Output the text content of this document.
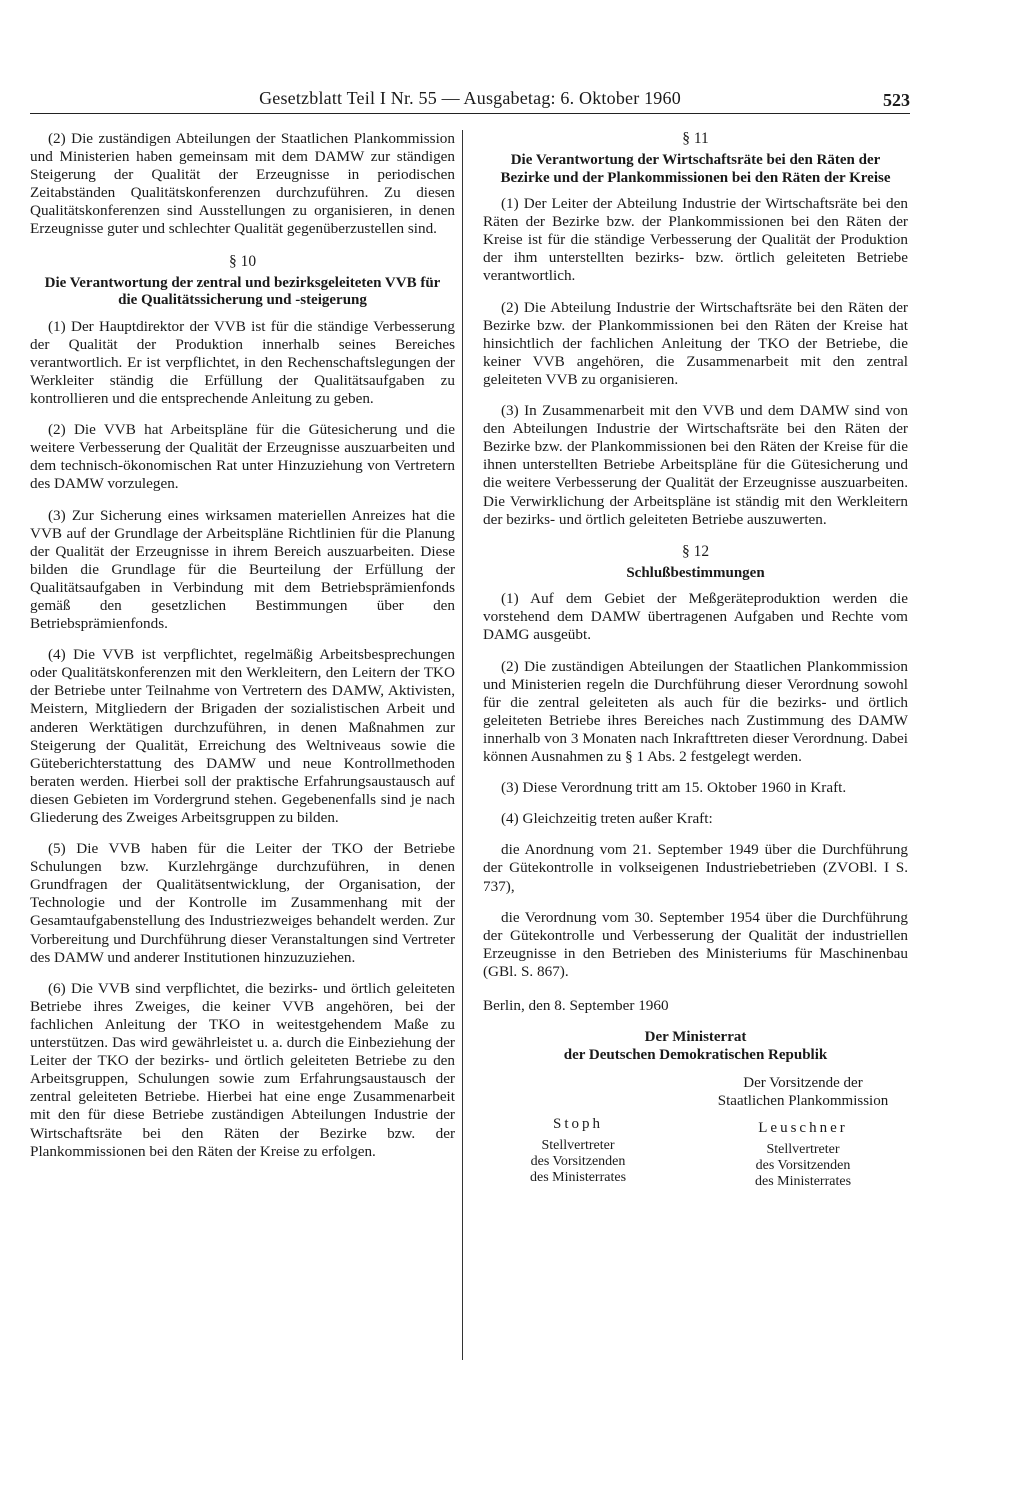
Gesetzblatt Teil I Nr. 55 — Ausgabetag: 6. Oktober 1960	523

(2) Die zuständigen Abteilungen der Staatlichen Plankommission und Ministerien haben gemeinsam mit dem DAMW zur ständigen Steigerung der Qualität der Erzeugnisse in periodischen Zeitabständen Qualitätskonferenzen durchzuführen. Zu diesen Qualitätskonferenzen sind Ausstellungen zu organisieren, in denen Erzeugnisse guter und schlechter Qualität gegenüberzustellen sind.

§ 10
Die Verantwortung der zentral und bezirksgeleiteten VVB für die Qualitätssicherung und -steigerung

(1) Der Hauptdirektor der VVB ist für die ständige Verbesserung der Qualität der Produktion innerhalb seines Bereiches verantwortlich. Er ist verpflichtet, in den Rechenschaftslegungen der Werkleiter ständig die Erfüllung der Qualitätsaufgaben zu kontrollieren und die entsprechende Anleitung zu geben.

(2) Die VVB hat Arbeitspläne für die Gütesicherung und die weitere Verbesserung der Qualität der Erzeugnisse auszuarbeiten und dem technisch-ökonomischen Rat unter Hinzuziehung von Vertretern des DAMW vorzulegen.

(3) Zur Sicherung eines wirksamen materiellen Anreizes hat die VVB auf der Grundlage der Arbeitspläne Richtlinien für die Planung der Qualität der Erzeugnisse in ihrem Bereich auszuarbeiten. Diese bilden die Grundlage für die Beurteilung der Erfüllung der Qualitätsaufgaben in Verbindung mit dem Betriebsprämienfonds gemäß den gesetzlichen Bestimmungen über den Betriebsprämienfonds.

(4) Die VVB ist verpflichtet, regelmäßig Arbeitsbesprechungen oder Qualitätskonferenzen mit den Werkleitern, den Leitern der TKO der Betriebe unter Teilnahme von Vertretern des DAMW, Aktivisten, Meistern, Mitgliedern der Brigaden der sozialistischen Arbeit und anderen Werktätigen durchzuführen, in denen Maßnahmen zur Steigerung der Qualität, Erreichung des Weltniveaus sowie die Güteberichterstattung des DAMW und neue Kontrollmethoden beraten werden. Hierbei soll der praktische Erfahrungsaustausch auf diesen Gebieten im Vordergrund stehen. Gegebenenfalls sind je nach Gliederung des Zweiges Arbeitsgruppen zu bilden.

(5) Die VVB haben für die Leiter der TKO der Betriebe Schulungen bzw. Kurzlehrgänge durchzuführen, in denen Grundfragen der Qualitätsentwicklung, der Organisation, der Technologie und der Kontrolle im Zusammenhang mit der Gesamtaufgabenstellung des Industriezweiges behandelt werden. Zur Vorbereitung und Durchführung dieser Veranstaltungen sind Vertreter des DAMW und anderer Institutionen hinzuzuziehen.

(6) Die VVB sind verpflichtet, die bezirks- und örtlich geleiteten Betriebe ihres Zweiges, die keiner VVB angehören, bei der fachlichen Anleitung der TKO in weitestgehendem Maße zu unterstützen. Das wird gewährleistet u. a. durch die Einbeziehung der Leiter der TKO der bezirks- und örtlich geleiteten Betriebe zu den Arbeitsgruppen, Schulungen sowie zum Erfahrungsaustausch der zentral geleiteten Betriebe. Hierbei hat eine enge Zusammenarbeit mit den für diese Betriebe zuständigen Abteilungen Industrie der Wirtschaftsräte bei den Räten der Bezirke bzw. der Plankommissionen bei den Räten der Kreise zu erfolgen.

§ 11
Die Verantwortung der Wirtschaftsräte bei den Räten der Bezirke und der Plankommissionen bei den Räten der Kreise

(1) Der Leiter der Abteilung Industrie der Wirtschaftsräte bei den Räten der Bezirke bzw. der Plankommissionen bei den Räten der Kreise ist für die ständige Verbesserung der Qualität der Produktion der ihm unterstellten bezirks- bzw. örtlich geleiteten Betriebe verantwortlich.

(2) Die Abteilung Industrie der Wirtschaftsräte bei den Räten der Bezirke bzw. der Plankommissionen bei den Räten der Kreise hat hinsichtlich der fachlichen Anleitung der TKO der Betriebe, die keiner VVB angehören, die Zusammenarbeit mit den zentral geleiteten VVB zu organisieren.

(3) In Zusammenarbeit mit den VVB und dem DAMW sind von den Abteilungen Industrie der Wirtschaftsräte bei den Räten der Bezirke bzw. der Plankommissionen bei den Räten der Kreise für die ihnen unterstellten Betriebe Arbeitspläne für die Gütesicherung und die weitere Verbesserung der Qualität der Erzeugnisse auszuarbeiten. Die Verwirklichung der Arbeitspläne ist ständig mit den Werkleitern der bezirks- und örtlich geleiteten Betriebe auszuwerten.

§ 12
Schlußbestimmungen

(1) Auf dem Gebiet der Meßgeräteproduktion werden die vorstehend dem DAMW übertragenen Aufgaben und Rechte vom DAMG ausgeübt.

(2) Die zuständigen Abteilungen der Staatlichen Plankommission und Ministerien regeln die Durchführung dieser Verordnung sowohl für die zentral geleiteten als auch für die bezirks- und örtlich geleiteten Betriebe ihres Bereiches nach Zustimmung des DAMW innerhalb von 3 Monaten nach Inkrafttreten dieser Verordnung. Dabei können Ausnahmen zu § 1 Abs. 2 festgelegt werden.

(3) Diese Verordnung tritt am 15. Oktober 1960 in Kraft.

(4) Gleichzeitig treten außer Kraft:

die Anordnung vom 21. September 1949 über die Durchführung der Gütekontrolle in volkseigenen Industriebetrieben (ZVOBl. I S. 737),

die Verordnung vom 30. September 1954 über die Durchführung der Gütekontrolle und Verbesserung der Qualität der industriellen Erzeugnisse in den Betrieben des Ministeriums für Maschinenbau (GBl. S. 867).

Berlin, den 8. September 1960

Der Ministerrat
der Deutschen Demokratischen Republik
Stoph
Stellvertreter
des Vorsitzenden
des Ministerrates
Der Vorsitzende der
Staatlichen Plankommission
Leuschner
Stellvertreter
des Vorsitzenden
des Ministerrates
